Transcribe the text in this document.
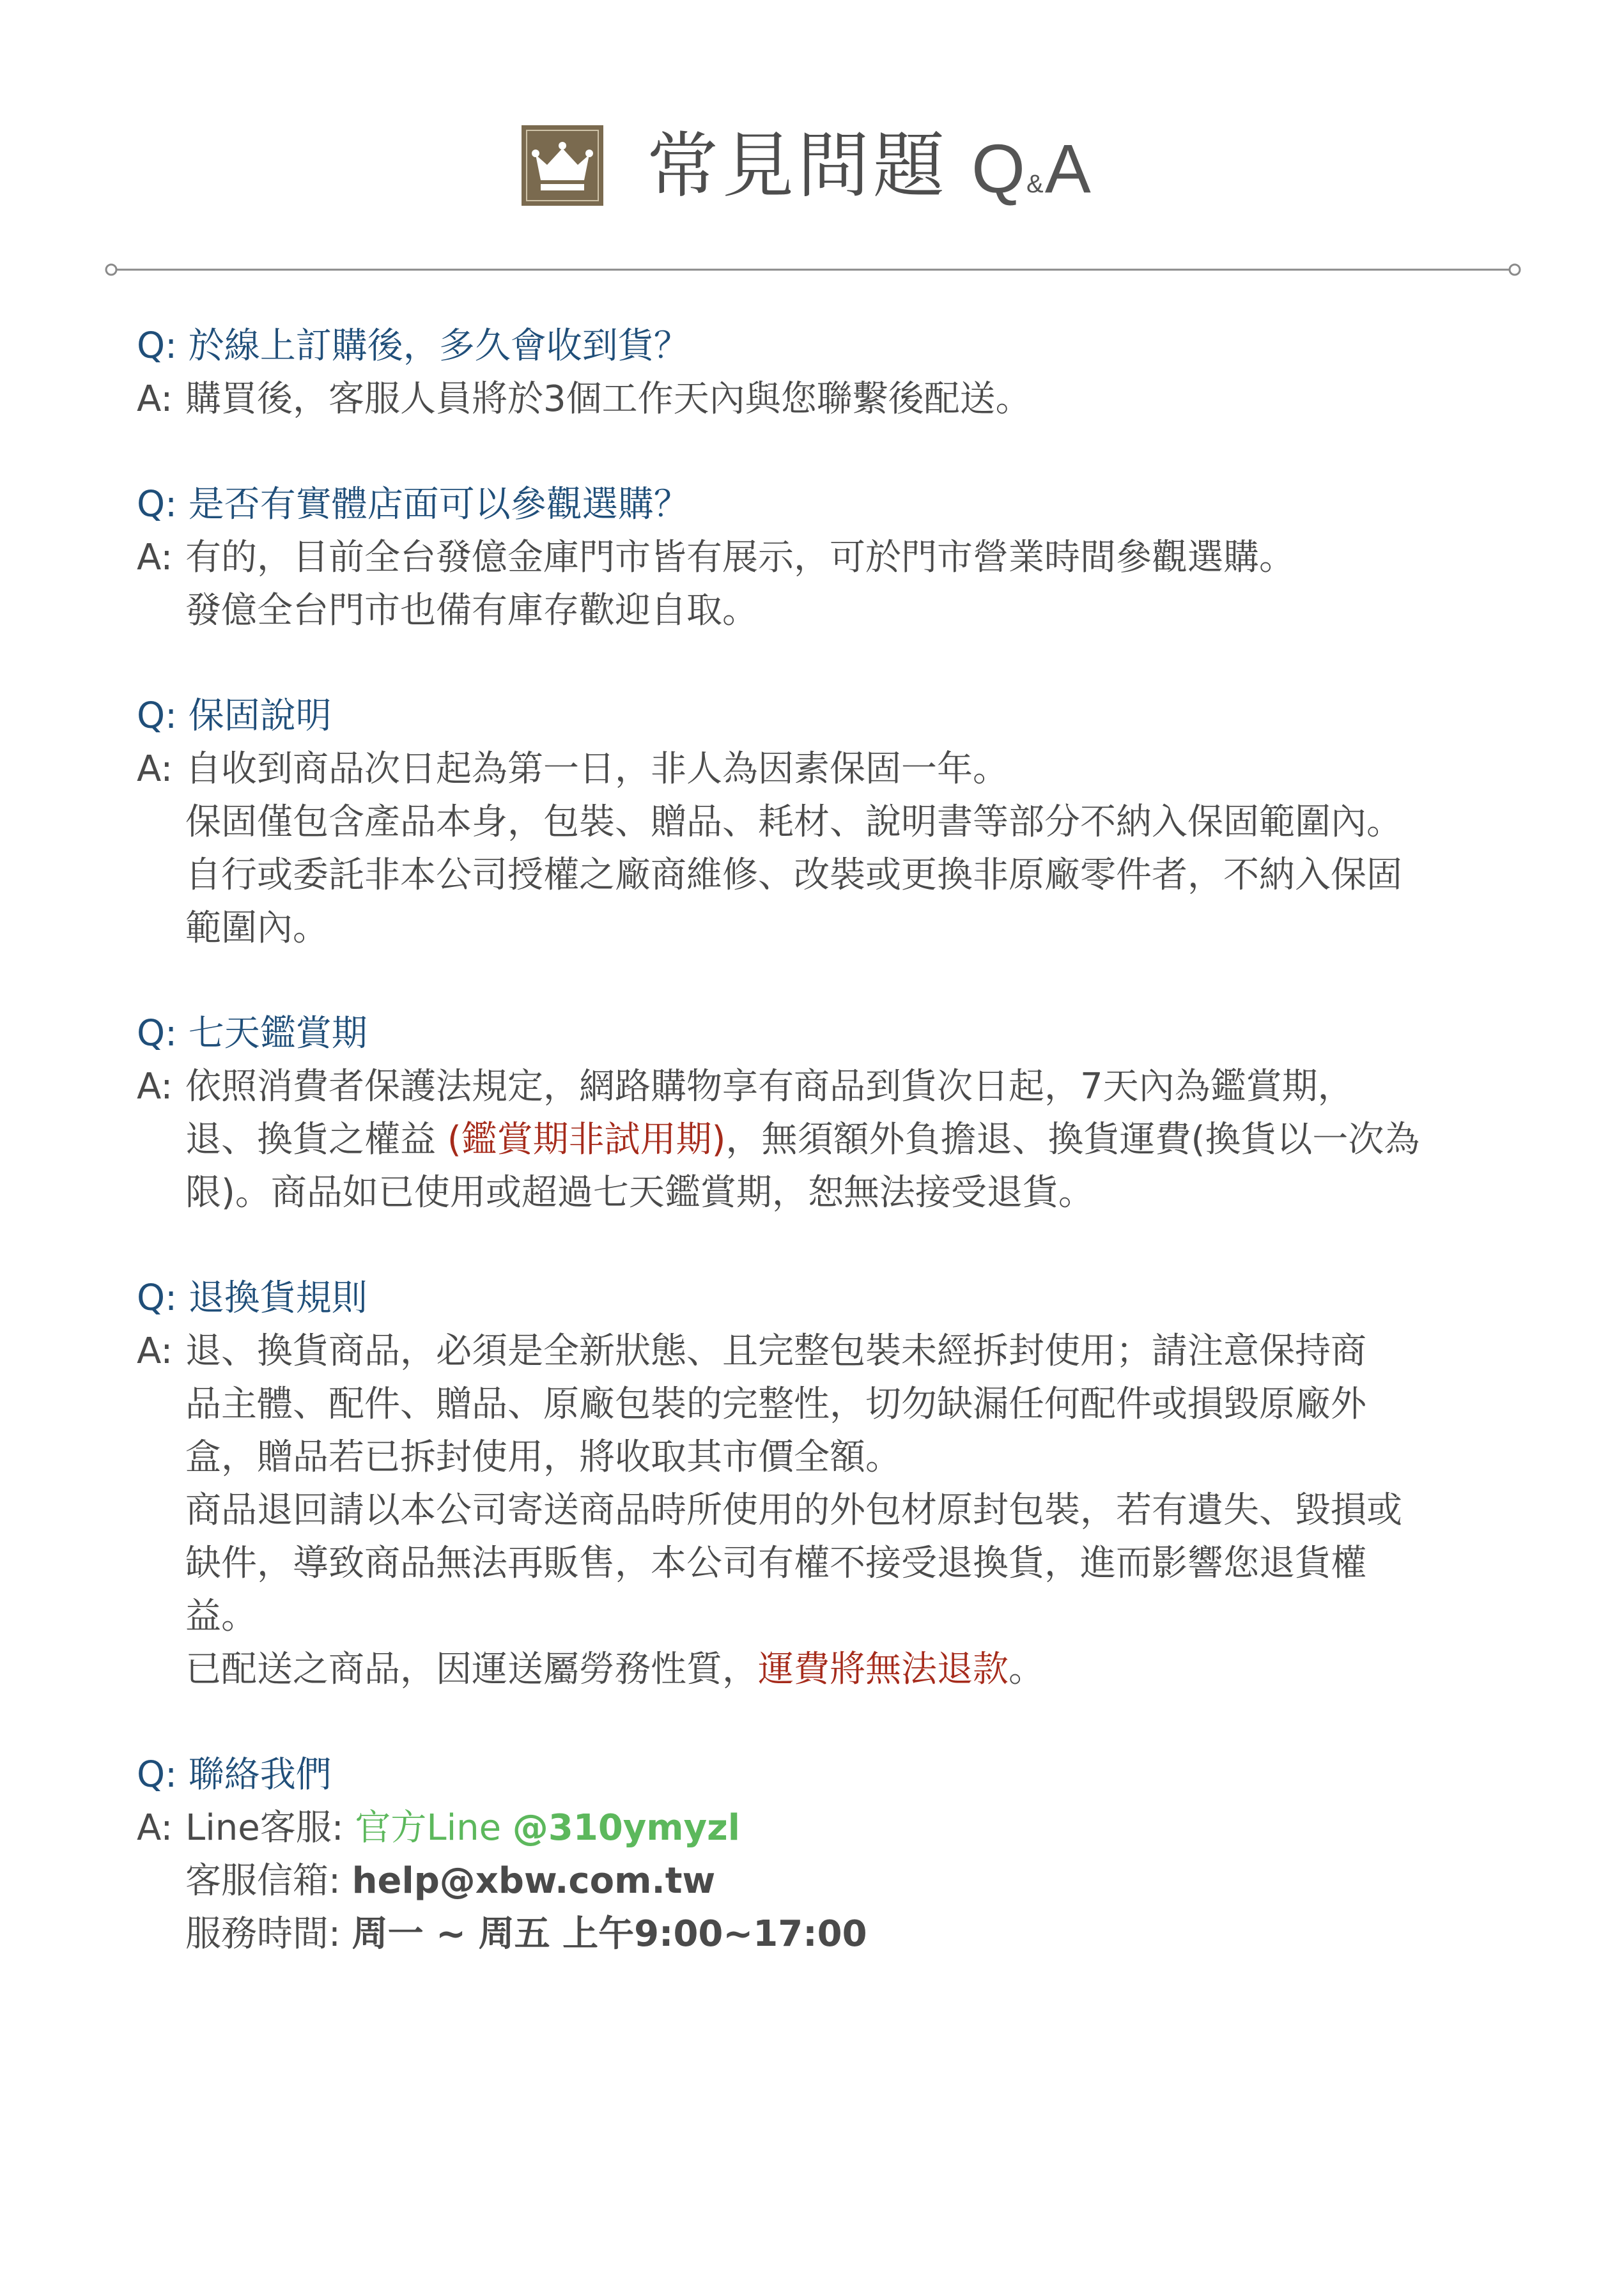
常見問題 Q&A
Q: 於線上訂購後，多久會收到貨？
A: 購買後，客服人員將於3個工作天內與您聯繫後配送。
Q: 是否有實體店面可以參觀選購？
A: 有的，目前全台發億金庫門市皆有展示，可於門市營業時間參觀選購。
發億全台門市也備有庫存歡迎自取。
Q: 保固說明
A: 自收到商品次日起為第一日，非人為因素保固一年。
保固僅包含產品本身，包裝、贈品、耗材、說明書等部分不納入保固範圍內。
自行或委託非本公司授權之廠商維修、改裝或更換非原廠零件者，不納入保固
範圍內。
Q: 七天鑑賞期
A: 依照消費者保護法規定，網路購物享有商品到貨次日起，7天內為鑑賞期，
退、換貨之權益 (鑑賞期非試用期)，無須額外負擔退、換貨運費(換貨以一次為
限)。商品如已使用或超過七天鑑賞期，恕無法接受退貨。
Q: 退換貨規則
A: 退、換貨商品，必須是全新狀態、且完整包裝未經拆封使用；請注意保持商
品主體、配件、贈品、原廠包裝的完整性，切勿缺漏任何配件或損毀原廠外
盒，贈品若已拆封使用，將收取其市價全額。
商品退回請以本公司寄送商品時所使用的外包材原封包裝，若有遺失、毀損或
缺件，導致商品無法再販售，本公司有權不接受退換貨，進而影響您退貨權
益。
已配送之商品，因運送屬勞務性質，運費將無法退款。
Q: 聯絡我們
A: Line客服: 官方Line @310ymyzl
客服信箱: help@xbw.com.tw
服務時間: 周一 ~ 周五 上午9:00~17:00
